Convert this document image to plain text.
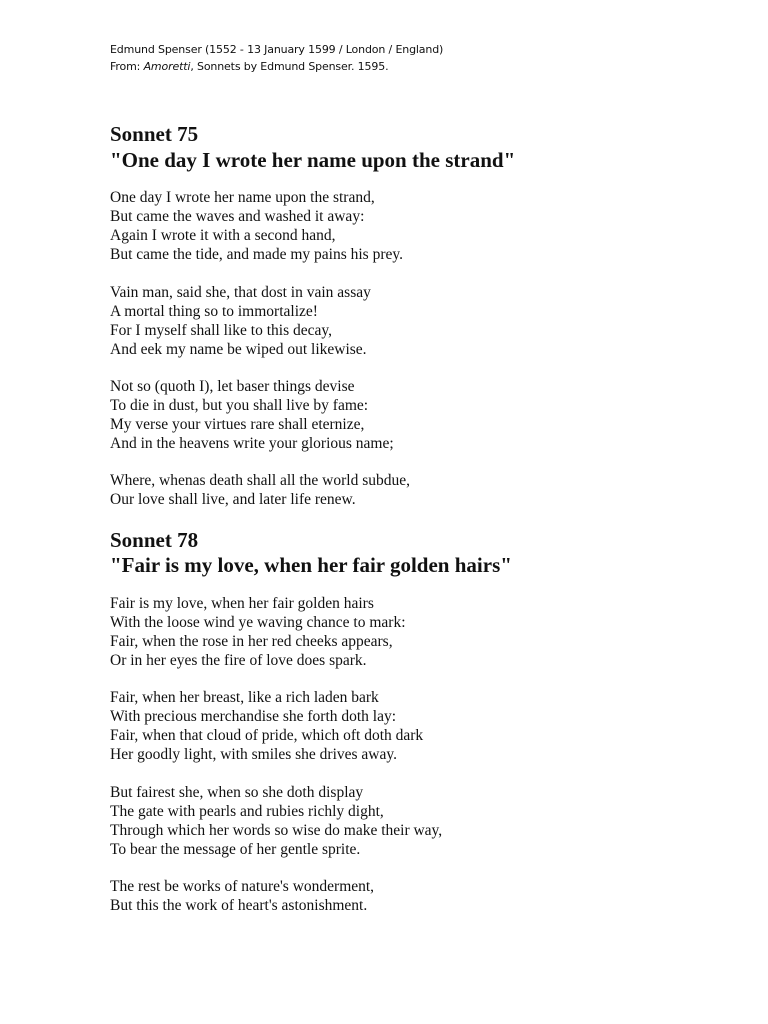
Edmund Spenser (1552 - 13 January 1599 / London / England)
From: Amoretti, Sonnets by Edmund Spenser. 1595.
Sonnet 75
"One day I wrote her name upon the strand"
One day I wrote her name upon the strand,
But came the waves and washed it away:
Again I wrote it with a second hand,
But came the tide, and made my pains his prey.
Vain man, said she, that dost in vain assay
A mortal thing so to immortalize!
For I myself shall like to this decay,
And eek my name be wiped out likewise.
Not so (quoth I), let baser things devise
To die in dust, but you shall live by fame:
My verse your virtues rare shall eternize,
And in the heavens write your glorious name;
Where, whenas death shall all the world subdue,
Our love shall live, and later life renew.
Sonnet 78
"Fair is my love, when her fair golden hairs"
Fair is my love, when her fair golden hairs
With the loose wind ye waving chance to mark:
Fair, when the rose in her red cheeks appears,
Or in her eyes the fire of love does spark.
Fair, when her breast, like a rich laden bark
With precious merchandise she forth doth lay:
Fair, when that cloud of pride, which oft doth dark
Her goodly light, with smiles she drives away.
But fairest she, when so she doth display
The gate with pearls and rubies richly dight,
Through which her words so wise do make their way,
To bear the message of her gentle sprite.
The rest be works of nature's wonderment,
But this the work of heart's astonishment.
